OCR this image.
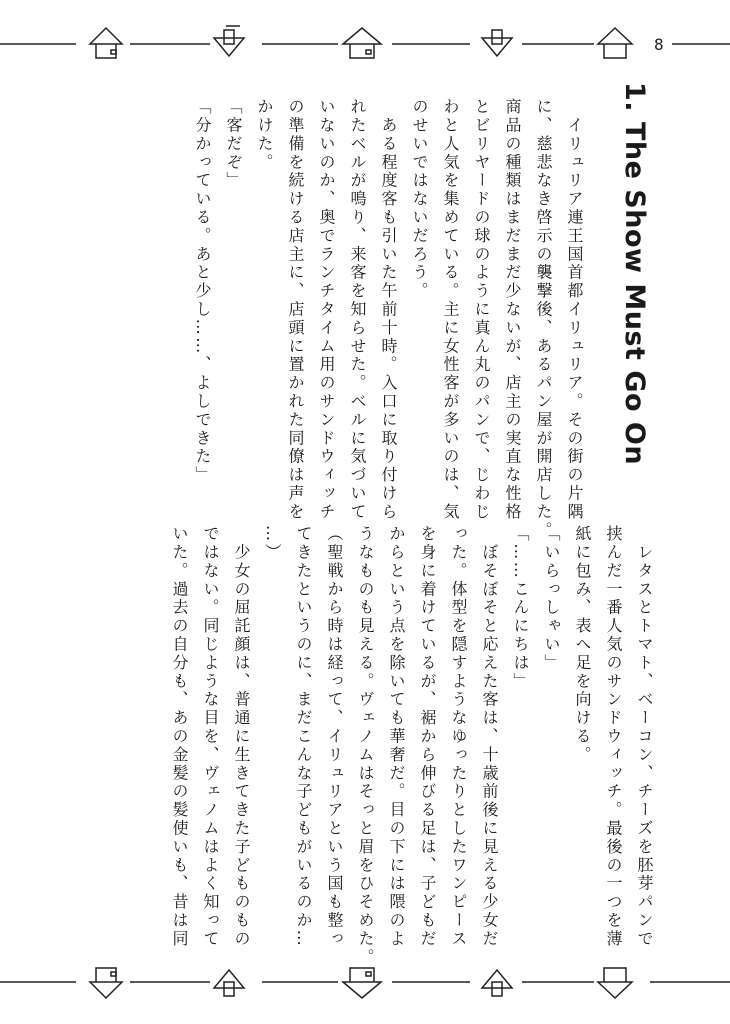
8
1. The Show Must Go On

　イリュリア連王国首都イリュリア。その街の片隅

に、慈悲なき啓示の襲撃後、あるパン屋が開店した。

商品の種類はまだまだ少ないが、店主の実直な性格

とビリヤードの球のように真ん丸のパンで、じわじ

わと人気を集めている。主に女性客が多いのは、気

のせいではないだろう。

　ある程度客も引いた午前十時。入口に取り付けら

れたベルが鳴り、来客を知らせた。ベルに気づいて

いないのか、奥でランチタイム用のサンドウィッチ

の準備を続ける店主に、店頭に置かれた同僚は声を

かけた。

「客だぞ」

「分かっている。あと少し……、よしできた」

　レタスとトマト、ベーコン、チーズを胚芽パンで

挟んだ一番人気のサンドウィッチ。最後の一つを薄

紙に包み、表へ足を向ける。

「いらっしゃい」

「……こんにちは」

　ぼそぼそと応えた客は、十歳前後に見える少女だ

った。体型を隠すようなゆったりとしたワンピース

を身に着けているが、裾から伸びる足は、子どもだ

からという点を除いても華奢だ。目の下には隈のよ

うなものも見える。ヴェノムはそっと眉をひそめた。

（聖戦から時は経って、イリュリアという国も整っ

てきたというのに、まだこんな子どもがいるのか…

…）

　少女の屈託顔は、普通に生きてきた子どものもの

ではない。同じような目を、ヴェノムはよく知って

いた。過去の自分も、あの金髪の髪使いも、昔は同
